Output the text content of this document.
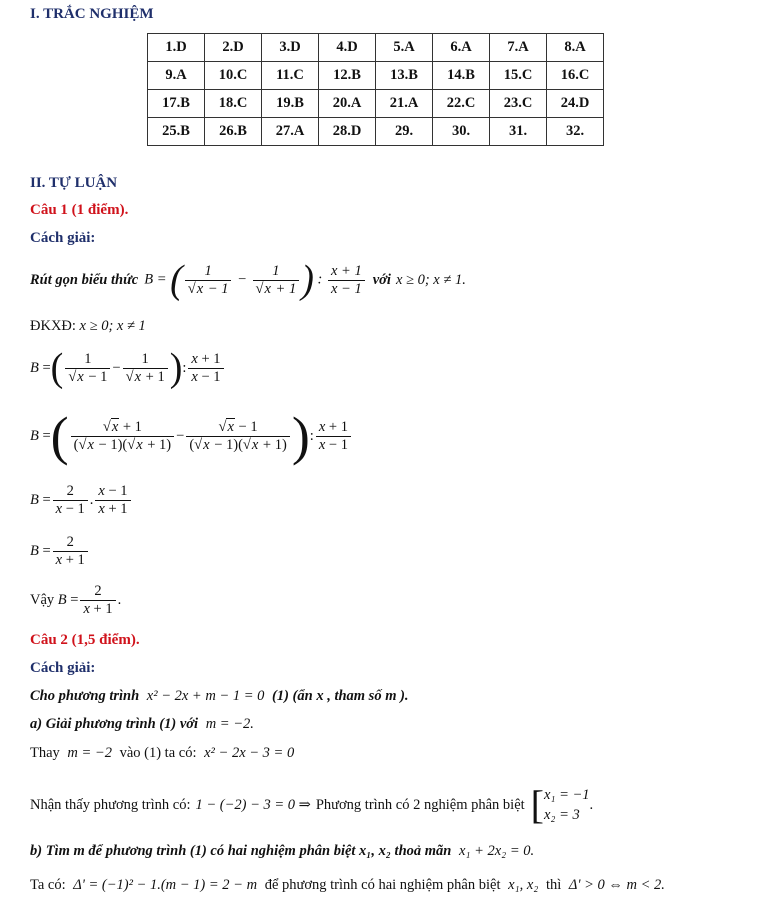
I. TRẮC NGHIỆM
1.D	2.D	3.D	4.D	5.A	6.A	7.A	8.A
9.A	10.C	11.C	12.B	13.B	14.B	15.C	16.C
17.B	18.C	19.B	20.A	21.A	22.C	23.C	24.D
25.B	26.B	27.A	28.D	29.	30.	31.	32.
II. TỰ LUẬN
Câu 1 (1 điểm).
Cách giải:
Rút gọn biểu thức B = ( $\frac{1}{√x - 1} - \frac{1}{√x + 1}$ ) : $\frac{x + 1}{x - 1}$ với x ≥ 0; x ≠ 1.
ĐKXĐ: x ≥ 0; x ≠ 1
B = ( $\frac{1}{√x - 1} - \frac{1}{√x + 1}$ ) : $\frac{x + 1}{x - 1}$
B = ( $\frac{√x + 1}{(√x - 1)(√x + 1)} - \frac{√x - 1}{(√x - 1)(√x + 1)}$ ) : $\frac{x + 1}{x - 1}$
$B = \frac{2}{x - 1}$ . $\frac{x - 1}{x + 1}$
$B = \frac{2}{x + 1}$
Vậy
$B = \frac{2}{x + 1}$ .
Câu 2 (1,5 điểm).
Cách giải:
Cho phương trình x² − 2x + m − 1 = 0 (1) (ẩn x , tham số m ).
a) Giải phương trình (1) với m = −2.
Thay m = −2 vào (1) ta có: x² − 2x − 3 = 0
Nhận thấy phương trình có: 1 − (−2) − 3 = 0 ⇒ Phương trình có 2 nghiệm phân biệt [ x₁ = −1
x₂ = 3
.
b) Tìm m để phương trình (1) có hai nghiệm phân biệt x₁, x₂ thoả mãn x₁ + 2x₂ = 0.
Ta có: Δ' = (−1)² − 1.(m − 1) = 2 − m để phương trình có hai nghiệm phân biệt x₁, x₂ thì Δ' > 0 ⇔ m < 2.
